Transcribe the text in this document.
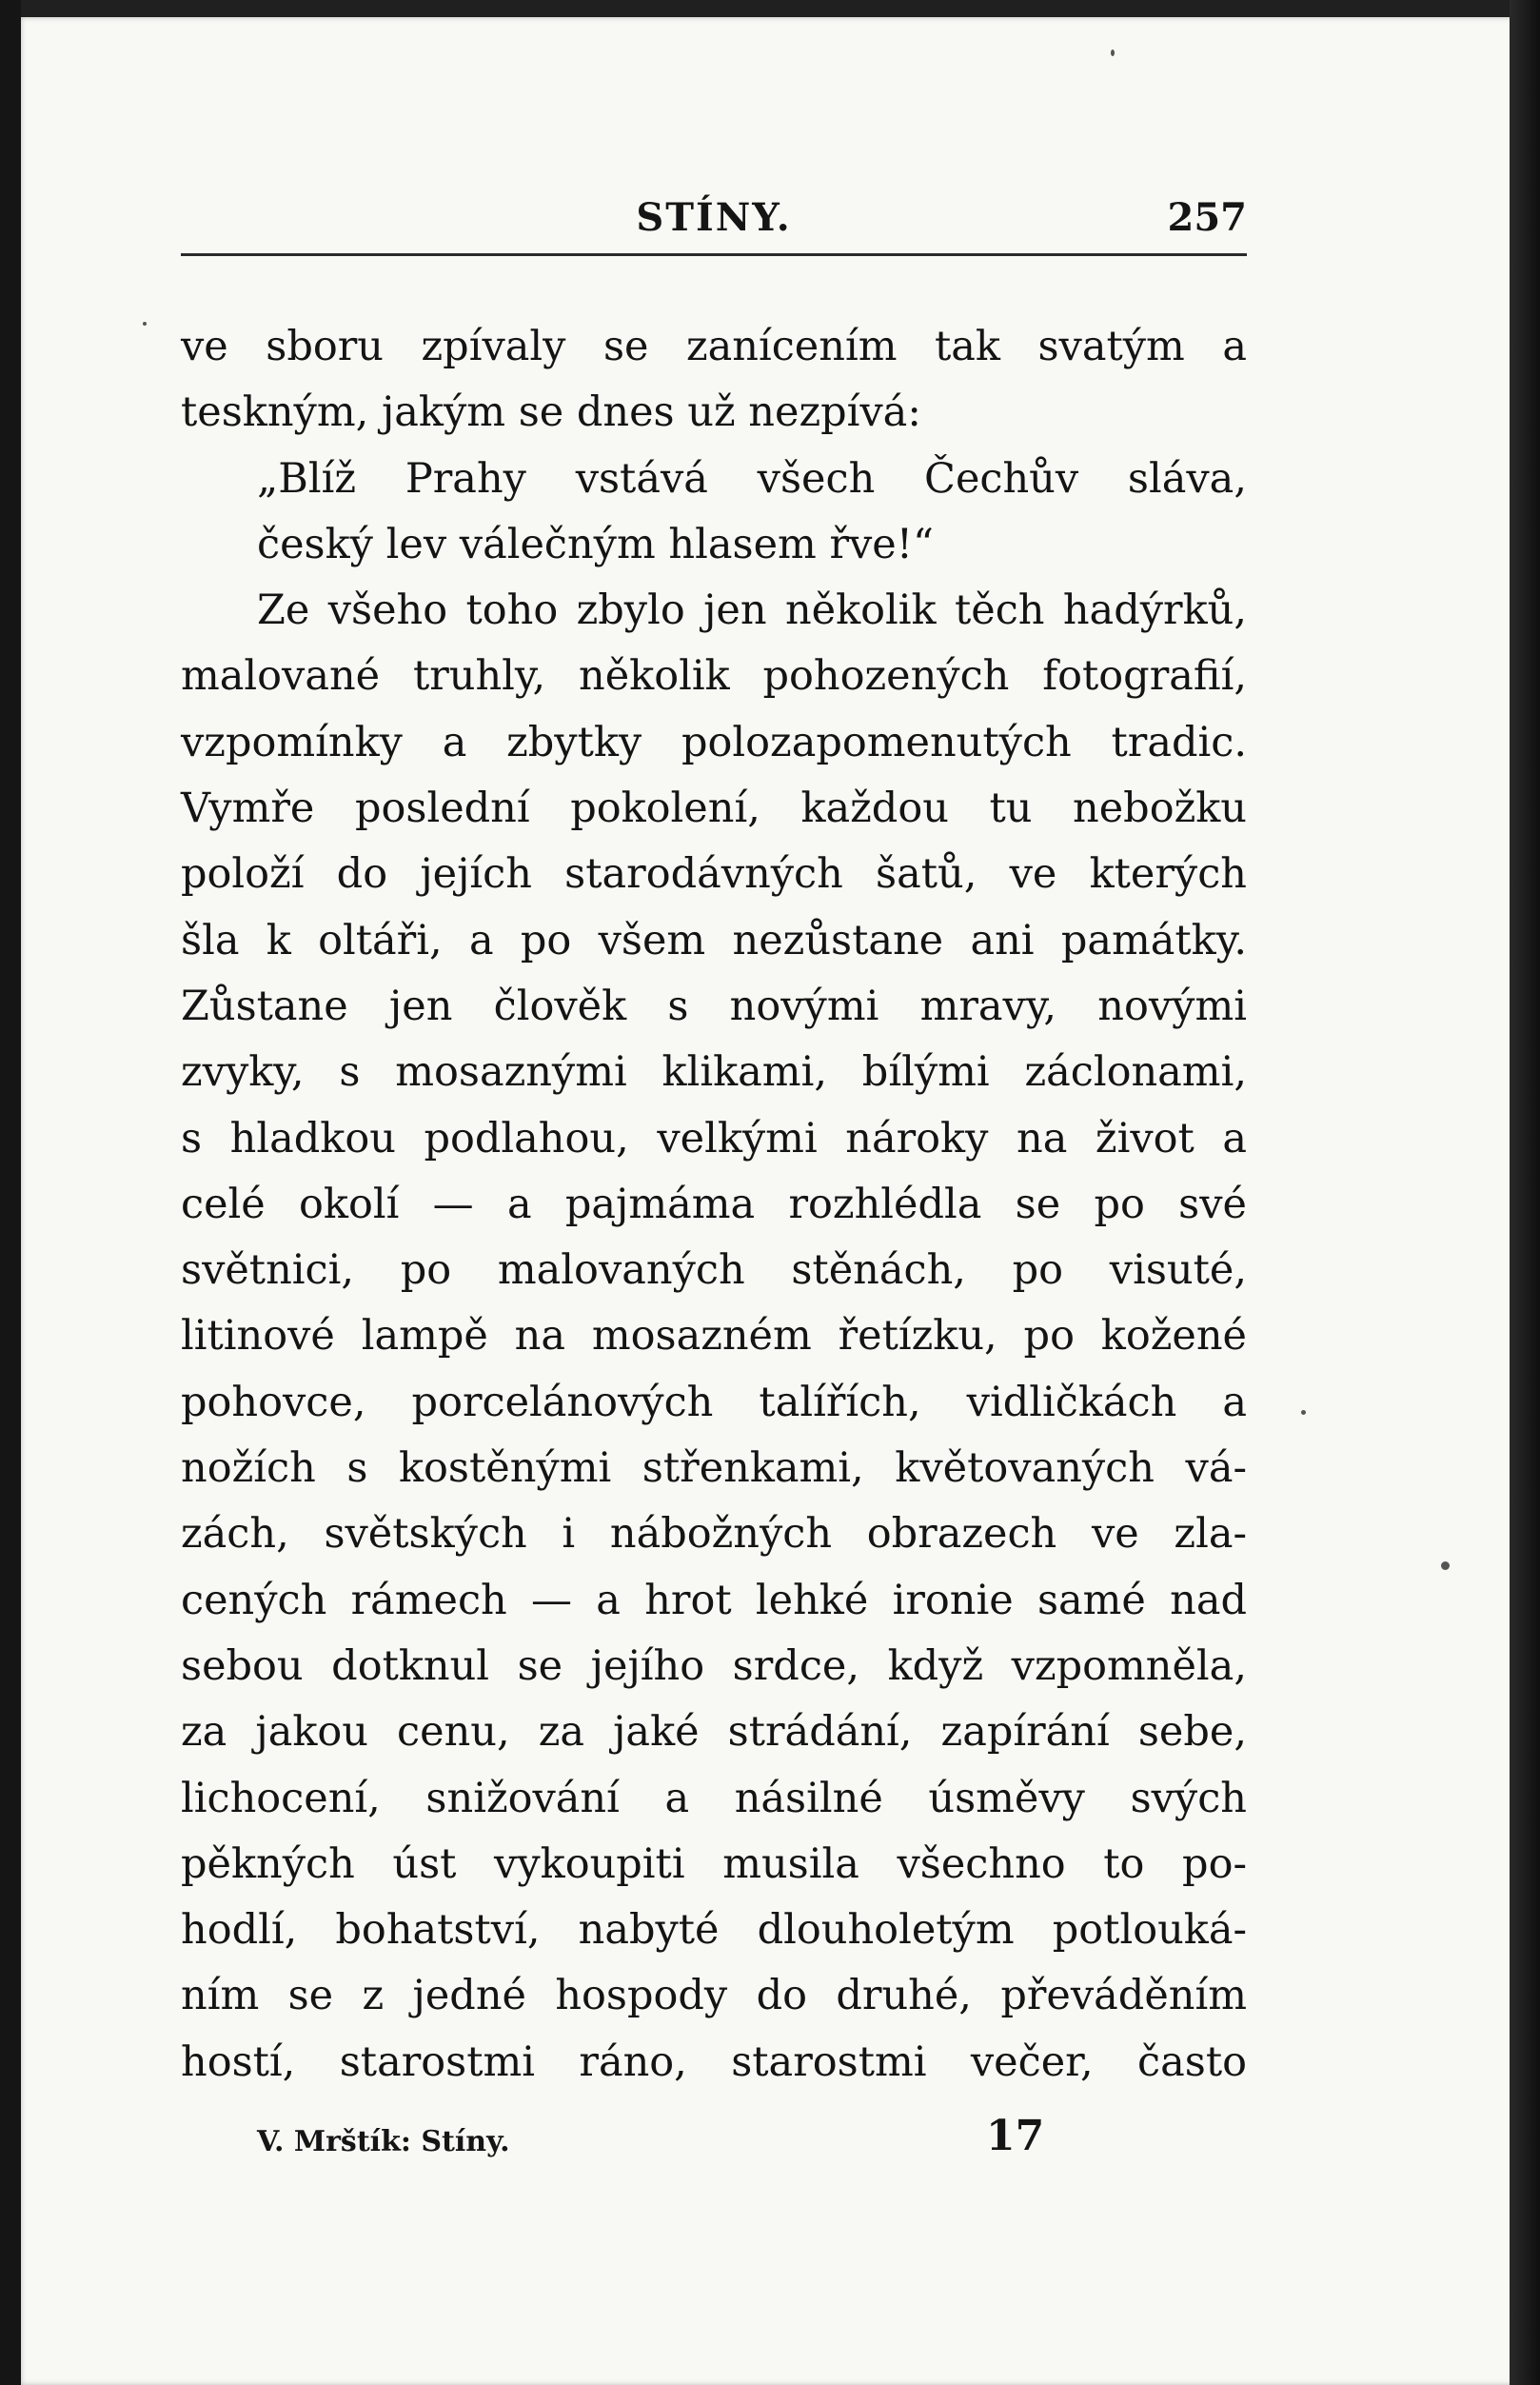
STÍNY.	257
ve sboru zpívaly se zanícením tak svatým a
teskným, jakým se dnes už nezpívá:
„Blíž Prahy vstává všech Čechův sláva,
český lev válečným hlasem řve!“
Ze všeho toho zbylo jen několik těch hadýrků,
malované truhly, několik pohozených fotografií,
vzpomínky a zbytky polozapomenutých tradic.
Vymře poslední pokolení, každou tu nebožku
položí do jejích starodávných šatů, ve kterých
šla k oltáři, a po všem nezůstane ani památky.
Zůstane jen člověk s novými mravy, novými
zvyky, s mosaznými klikami, bílými záclonami,
s hladkou podlahou, velkými nároky na život a
celé okolí — a pajmáma rozhlédla se po své
světnici, po malovaných stěnách, po visuté,
litinové lampě na mosazném řetízku, po kožené
pohovce, porcelánových talířích, vidličkách a
nožích s kostěnými střenkami, květovaných vá-
zách, světských i nábožných obrazech ve zla-
cených rámech — a hrot lehké ironie samé nad
sebou dotknul se jejího srdce, když vzpomněla,
za jakou cenu, za jaké strádání, zapírání sebe,
lichocení, snižování a násilné úsměvy svých
pěkných úst vykoupiti musila všechno to po-
hodlí, bohatství, nabyté dlouholetým potlouká-
ním se z jedné hospody do druhé, převáděním
hostí, starostmi ráno, starostmi večer, často
V. Mrštík: Stíny.	17
